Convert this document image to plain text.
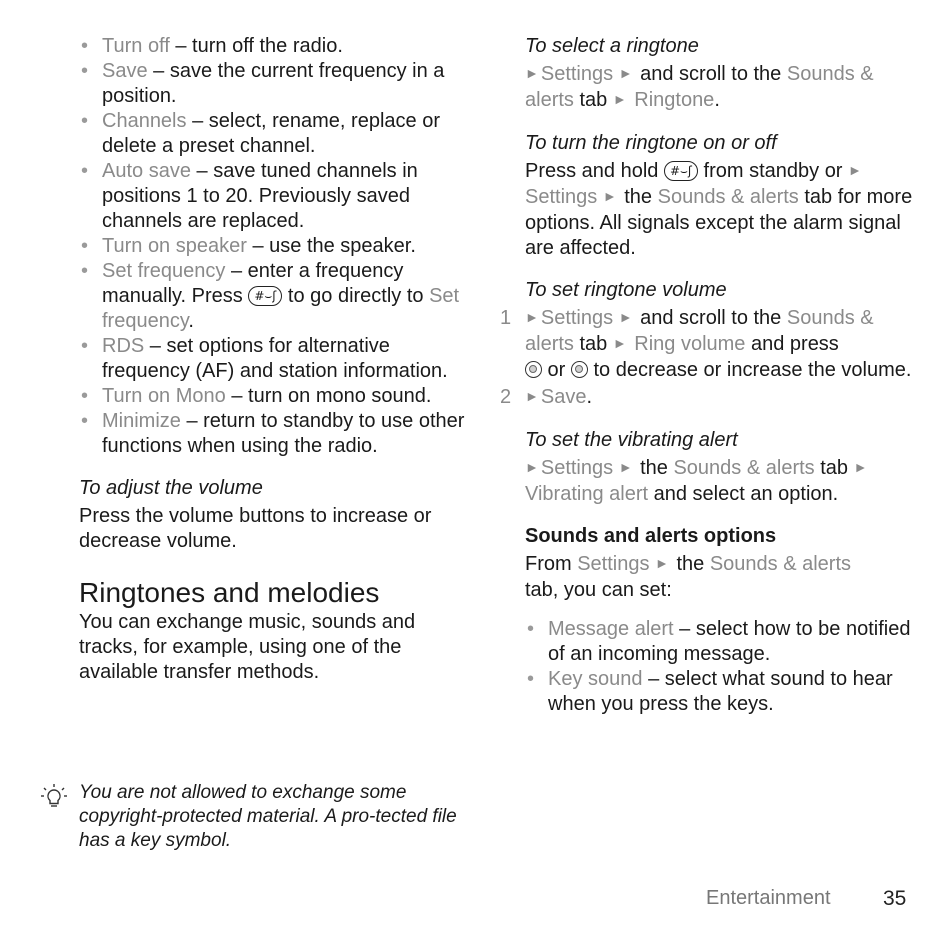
• Turn off – turn off the radio.
• Save – save the current frequency in a position.
• Channels – select, rename, replace or delete a preset channel.
• Auto save – save tuned channels in positions 1 to 20. Previously saved channels are replaced.
• Turn on speaker – use the speaker.
• Set frequency – enter a frequency manually. Press #⌣ʃ to go directly to Set frequency.
• RDS – set options for alternative frequency (AF) and station information.
• Turn on Mono – turn on mono sound.
• Minimize – return to standby to use other functions when using the radio.

To adjust the volume

Press the volume buttons to increase or decrease volume.

Ringtones and melodies

You can exchange music, sounds and tracks, for example, using one of the available transfer methods.

You are not allowed to exchange some copyright-protected material. A pro-tected file has a key symbol.

To select a ringtone

► Settings ► and scroll to the Sounds & alerts tab ► Ringtone.

To turn the ringtone on or off

Press and hold #⌣ʃ from standby or ► Settings ► the Sounds & alerts tab for more options. All signals except the alarm signal are affected.

To set ringtone volume

1 ► Settings ► and scroll to the Sounds & alerts tab ► Ring volume and press
or  to decrease or increase the volume.
2 ► Save.

To set the vibrating alert

► Settings ► the Sounds & alerts tab ►
Vibrating alert and select an option.

Sounds and alerts options

From Settings ► the Sounds & alerts
tab, you can set:

• Message alert – select how to be notified of an incoming message.
• Key sound – select what sound to hear when you press the keys.
Entertainment 35
